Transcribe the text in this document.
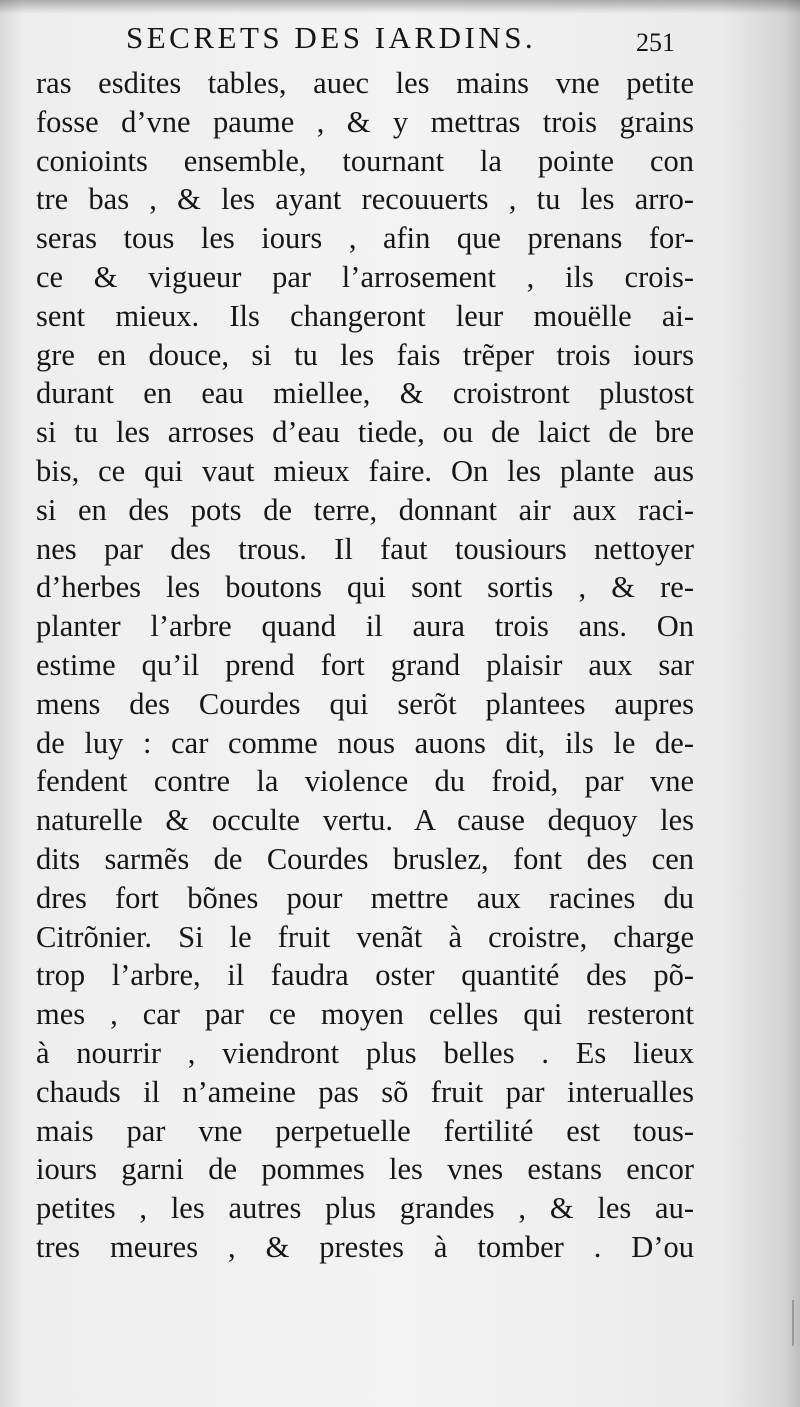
SECRETS DES IARDINS.	251
ras esdites tables, auec les mains vne petite
fosse d’vne paume , & y mettras trois grains
conioints ensemble, tournant la pointe con
tre bas , & les ayant recouuerts , tu les arro-
seras tous les iours , afin que prenans for-
ce & vigueur par l’arrosement , ils crois-
sent mieux. Ils changeront leur mouëlle ai-
gre en douce, si tu les fais trẽper trois iours
durant en eau miellee, & croistront plustost
si tu les arroses d’eau tiede, ou de laict de bre
bis, ce qui vaut mieux faire. On les plante aus
si en des pots de terre, donnant air aux raci-
nes par des trous. Il faut tousiours nettoyer
d’herbes les boutons qui sont sortis , & re-
planter l’arbre quand il aura trois ans. On
estime qu’il prend fort grand plaisir aux sar
mens des Courdes qui serõt plantees aupres
de luy : car comme nous auons dit, ils le de-
fendent contre la violence du froid, par vne
naturelle & occulte vertu. A cause dequoy les
dits sarmẽs de Courdes bruslez, font des cen
dres fort bõnes pour mettre aux racines du
Citrõnier. Si le fruit venãt à croistre, charge
trop l’arbre, il faudra oster quantité des põ-
mes , car par ce moyen celles qui resteront
à nourrir , viendront plus belles . Es lieux
chauds il n’ameine pas sõ fruit par interualles
mais par vne perpetuelle fertilité est tous-
iours garni de pommes les vnes estans encor
petites , les autres plus grandes , & les au-
tres meures , & prestes à tomber . D’ou
